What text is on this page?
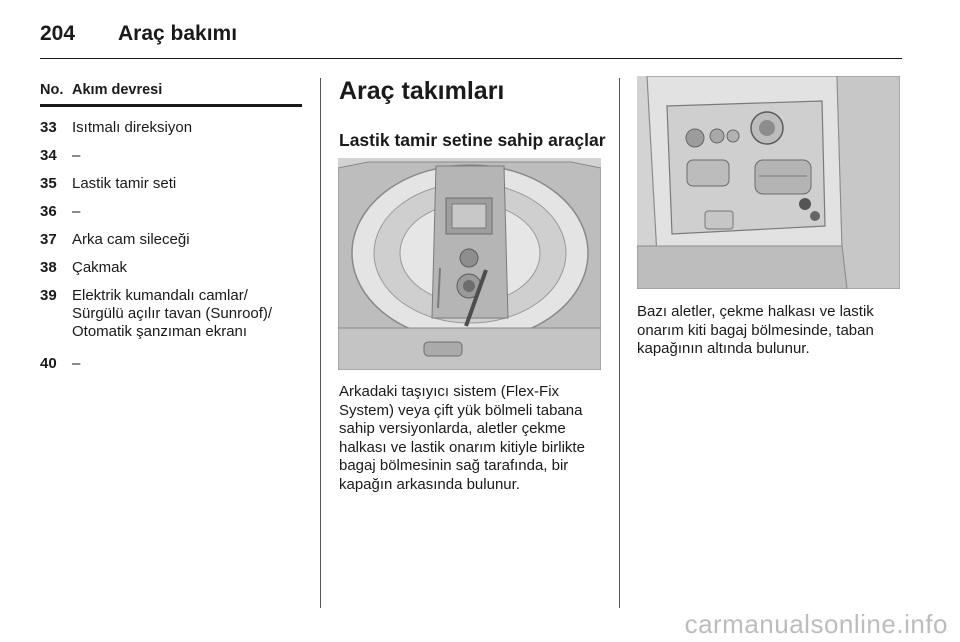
204 Araç bakımı
No. Akım devresi
33	Isıtmalı direksiyon
34	–
35	Lastik tamir seti
36	–
37	Arka cam sileceği
38	Çakmak
39	Elektrik kumandalı camlar/ Sürgülü açılır tavan (Sunroof)/ Otomatik şanzıman ekranı
40	–
Araç takımları
Lastik tamir setine sahip araçlar
Arkadaki taşıyıcı sistem (Flex-Fix System) veya çift yük bölmeli tabana sahip versiyonlarda, aletler çekme halkası ve lastik onarım kitiyle birlikte bagaj bölmesinin sağ tarafında, bir kapağın arkasında bulunur.
Bazı aletler, çekme halkası ve lastik onarım kiti bagaj bölmesinde, taban kapağının altında bulunur.
carmanualsonline.info
